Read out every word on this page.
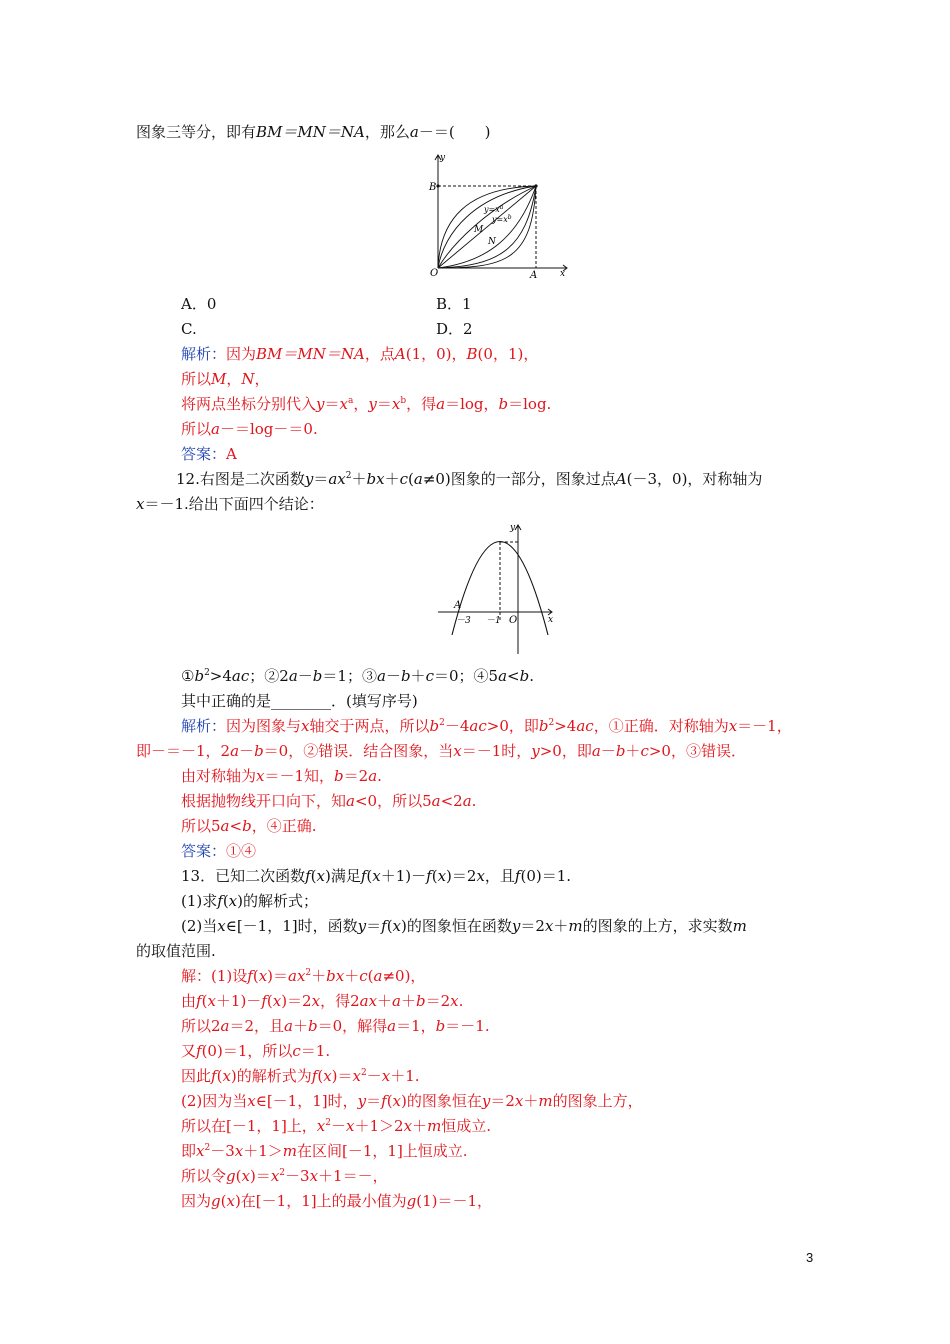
图象三等分，即有BM＝MN＝NA，那么a－＝(　　)
y
B
M
N
O	A	x
$y=x^a$
$y=x^b$
A．0	B．1
C.	D．2
解析：因为BM＝MN＝NA，点A(1，0)，B(0，1)，
所以M，N，
将两点坐标分别代入$y=x^a$，$y=x^b$，得a＝log，b＝log.
所以a－＝log－＝0.
答案：A
12.右图是二次函数$y=ax^2+bx+c(a\ne 0)$图象的一部分，图象过点A(－3，0)，对称轴为
x＝－1.给出下面四个结论：
y
A
－3 －1 O	x
$①b^2>4ac$；②2a－b＝1；③a－b＋c＝0；④5a<b.
其中正确的是________．(填写序号)
解析：因为图象与x轴交于两点，所以$b^2-4ac>0$，即$b^2>4ac$，①正确．对称轴为x＝－1，
即－＝－1，2a－b＝0，②错误．结合图象，当x＝－1时，y>0，即a－b＋c>0，③错误．
由对称轴为x＝－1知，b＝2a.
根据抛物线开口向下，知a<0，所以5a<2a.
所以5a<b，④正确.
答案：①④
13．已知二次函数f(x)满足f(x＋1)－f(x)＝2x，且f(0)＝1.
(1)求f(x)的解析式；
(2)当x∈[－1，1]时，函数y＝f(x)的图象恒在函数y＝2x＋m的图象的上方，求实数m
的取值范围.
解：(1)设$f(x)=ax^2+bx+c(a\ne 0)$，
由f(x＋1)－f(x)＝2x，得2ax＋a＋b＝2x.
所以2a＝2，且a＋b＝0，解得a＝1，b＝－1.
又f(0)＝1，所以c＝1.
因此f(x)的解析式为$f(x)=x^2-x+1$.
(2)因为当x∈[－1，1]时，y＝f(x)的图象恒在y＝2x＋m的图象上方，
所以在[－1，1]上，$x^2-x+1>2x+m$恒成立.
即$x^2-3x+1>m$在区间[－1，1]上恒成立.
所以令$g(x)=x^2-3x+1=-$，
因为g(x)在[－1，1]上的最小值为g(1)＝－1，
3
